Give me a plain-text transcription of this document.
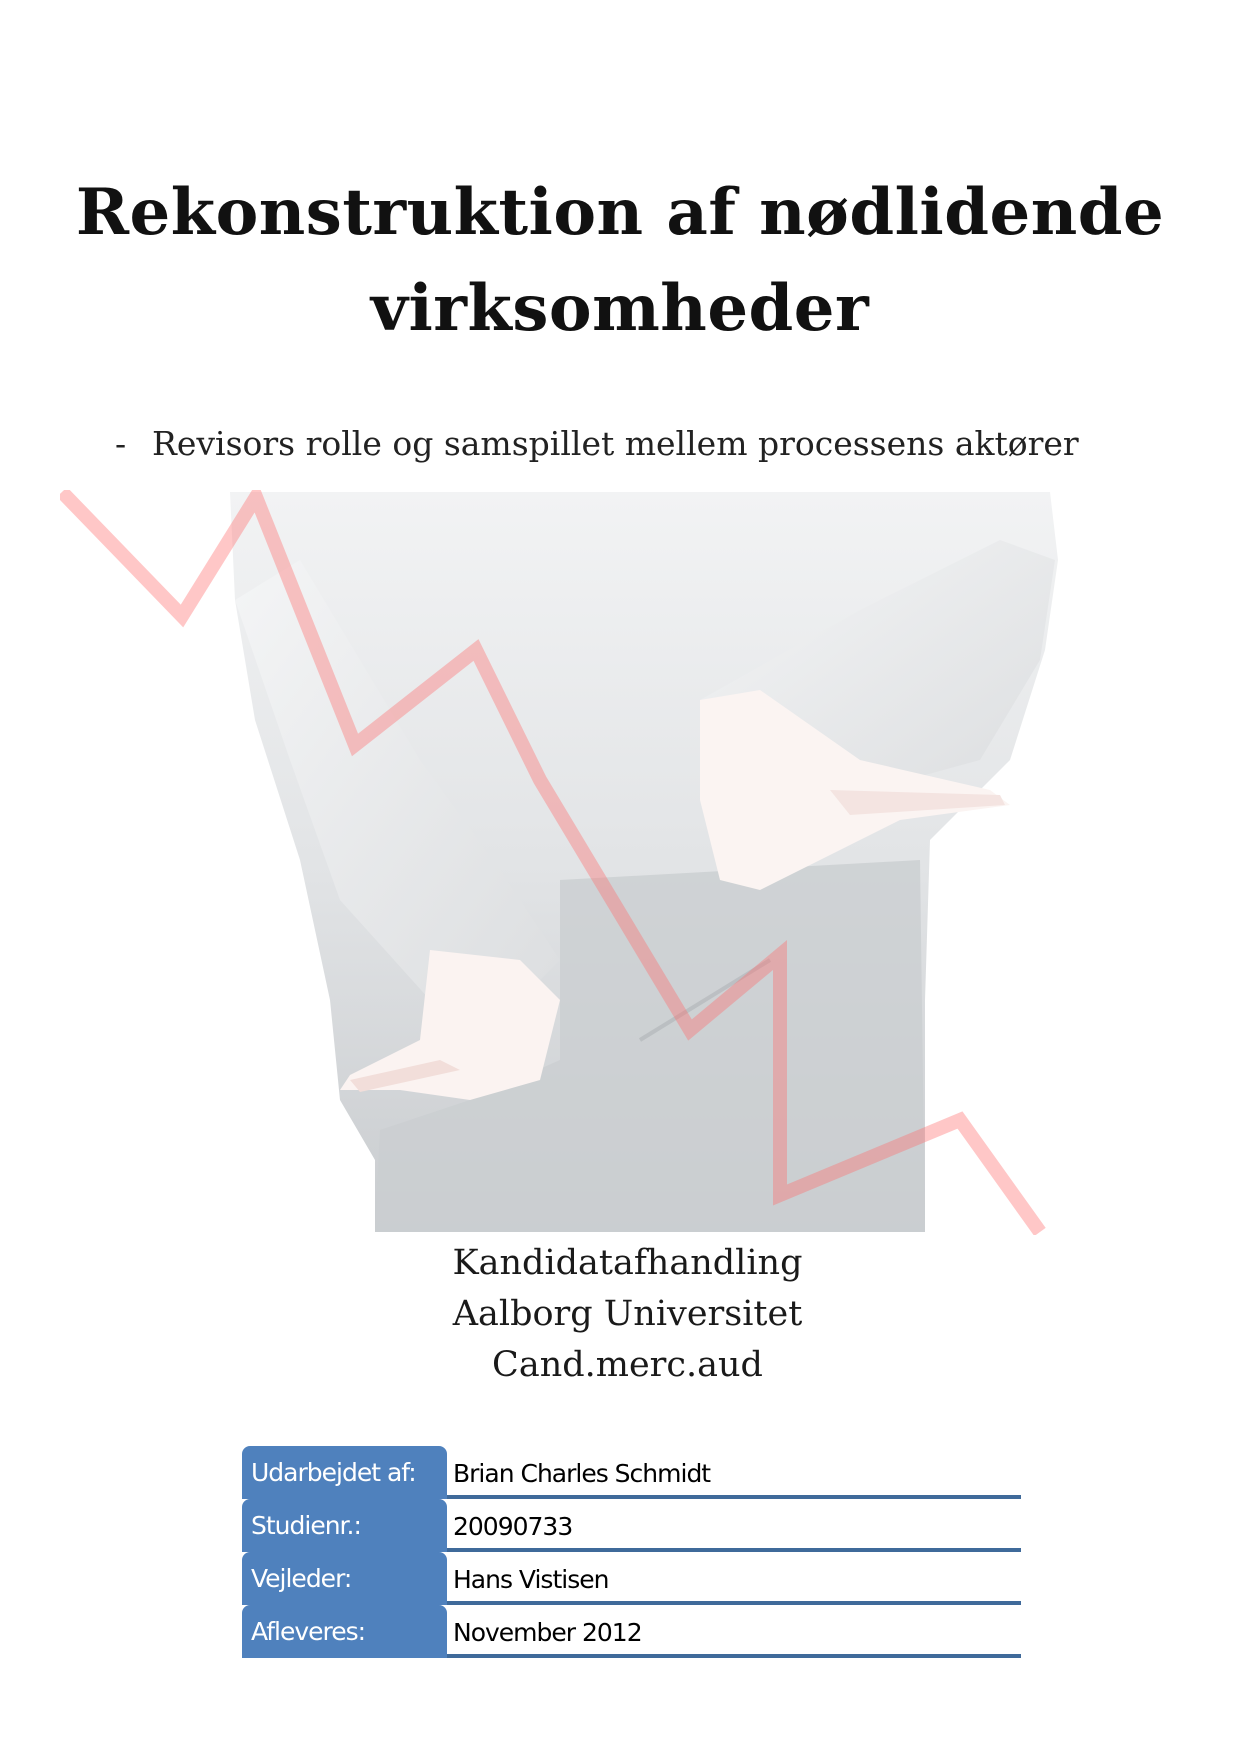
Rekonstruktion af nødlidende
virksomheder
- Revisors rolle og samspillet mellem processens aktører
Kandidatafhandling
Aalborg Universitet
Cand.merc.aud
Udarbejdet af:	Brian Charles Schmidt
Studienr.:	20090733
Vejleder:	Hans Vistisen
Afleveres:	November 2012
